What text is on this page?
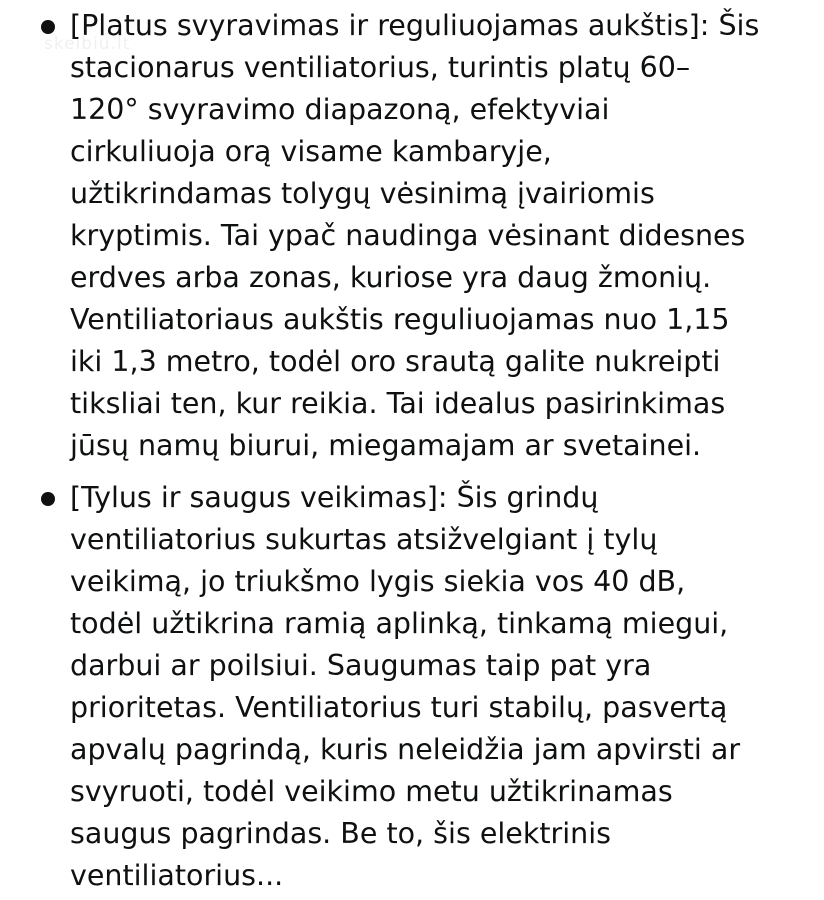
skelbiu.lt
[Platus svyravimas ir reguliuojamas aukštis]: Šis
stacionarus ventiliatorius, turintis platų 60–
120° svyravimo diapazoną, efektyviai
cirkuliuoja orą visame kambaryje,
užtikrindamas tolygų vėsinimą įvairiomis
kryptimis. Tai ypač naudinga vėsinant didesnes
erdves arba zonas, kuriose yra daug žmonių.
Ventiliatoriaus aukštis reguliuojamas nuo 1,15
iki 1,3 metro, todėl oro srautą galite nukreipti
tiksliai ten, kur reikia. Tai idealus pasirinkimas
jūsų namų biurui, miegamajam ar svetainei.
[Tylus ir saugus veikimas]: Šis grindų
ventiliatorius sukurtas atsižvelgiant į tylų
veikimą, jo triukšmo lygis siekia vos 40 dB,
todėl užtikrina ramią aplinką, tinkamą miegui,
darbui ar poilsiui. Saugumas taip pat yra
prioritetas. Ventiliatorius turi stabilų, pasvertą
apvalų pagrindą, kuris neleidžia jam apvirsti ar
svyruoti, todėl veikimo metu užtikrinamas
saugus pagrindas. Be to, šis elektrinis
ventiliatorius...
